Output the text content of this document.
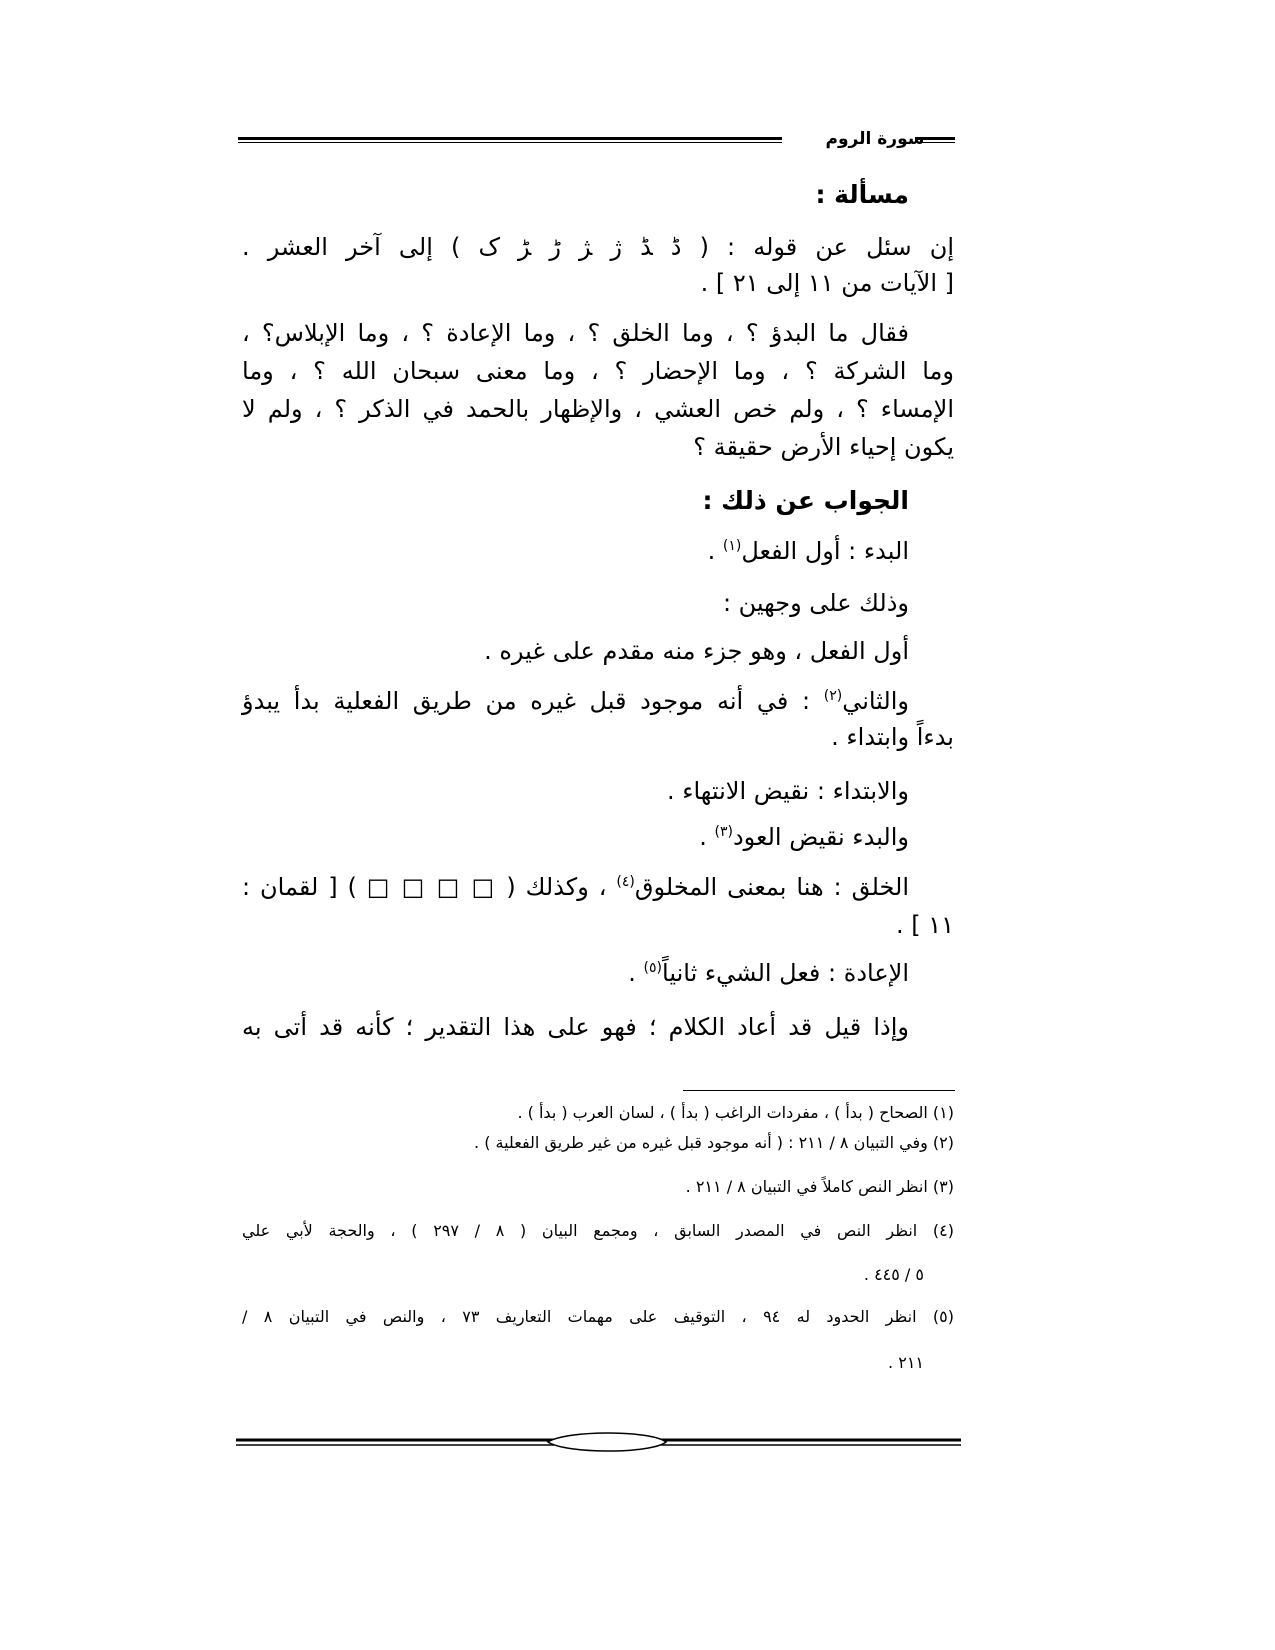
سورة الروم
مسألة :
إن سئل عن قوله : ( ﮈ ﮉ ﮊ ﮋ ﮌ ﮍ ﮎ ) إلى آخر العشر .
[ الآيات من ١١ إلى ٢١ ] .
فقال ما البدؤ ؟ ، وما الخلق ؟ ، وما الإعادة ؟ ، وما الإبلاس؟ ،
وما الشركة ؟ ، وما الإحضار ؟ ، وما معنى سبحان الله ؟ ، وما
الإمساء ؟ ، ولم خص العشي ، والإظهار بالحمد في الذكر ؟ ، ولم لا
يكون إحياء الأرض حقيقة ؟
الجواب عن ذلك :
البدء : أول الفعل$^{(١)}$ .
وذلك على وجهين :
أول الفعل ، وهو جزء منه مقدم على غيره .
والثاني$^{(٢)}$ : في أنه موجود قبل غيره من طريق الفعلية بدأ يبدؤ
بدءاً وابتداء .
والابتداء : نقيض الانتهاء .
والبدء نقيض العود$^{(٣)}$ .
الخلق : هنا بمعنى المخلوق$^{(٤)}$ ، وكذلك ( □ □ □ □ ) [ لقمان :
١١ ] .
الإعادة : فعل الشيء ثانياً$^{(٥)}$ .
وإذا قيل قد أعاد الكلام ؛ فهو على هذا التقدير ؛ كأنه قد أتى به
(١) الصحاح ( بدأ ) ، مفردات الراغب ( بدأ ) ، لسان العرب ( بدأ ) .
(٢) وفي التبيان ٨ / ٢١١ : ( أنه موجود قبل غيره من غير طريق الفعلية ) .
(٣) انظر النص كاملاً في التبيان ٨ / ٢١١ .
(٤) انظر النص في المصدر السابق ، ومجمع البيان ( ٨ / ٢٩٧ ) ، والحجة لأبي علي
٥ / ٤٤٥ .
(٥) انظر الحدود له ٩٤ ، التوقيف على مهمات التعاريف ٧٣ ، والنص في التبيان ٨ /
٢١١ .
